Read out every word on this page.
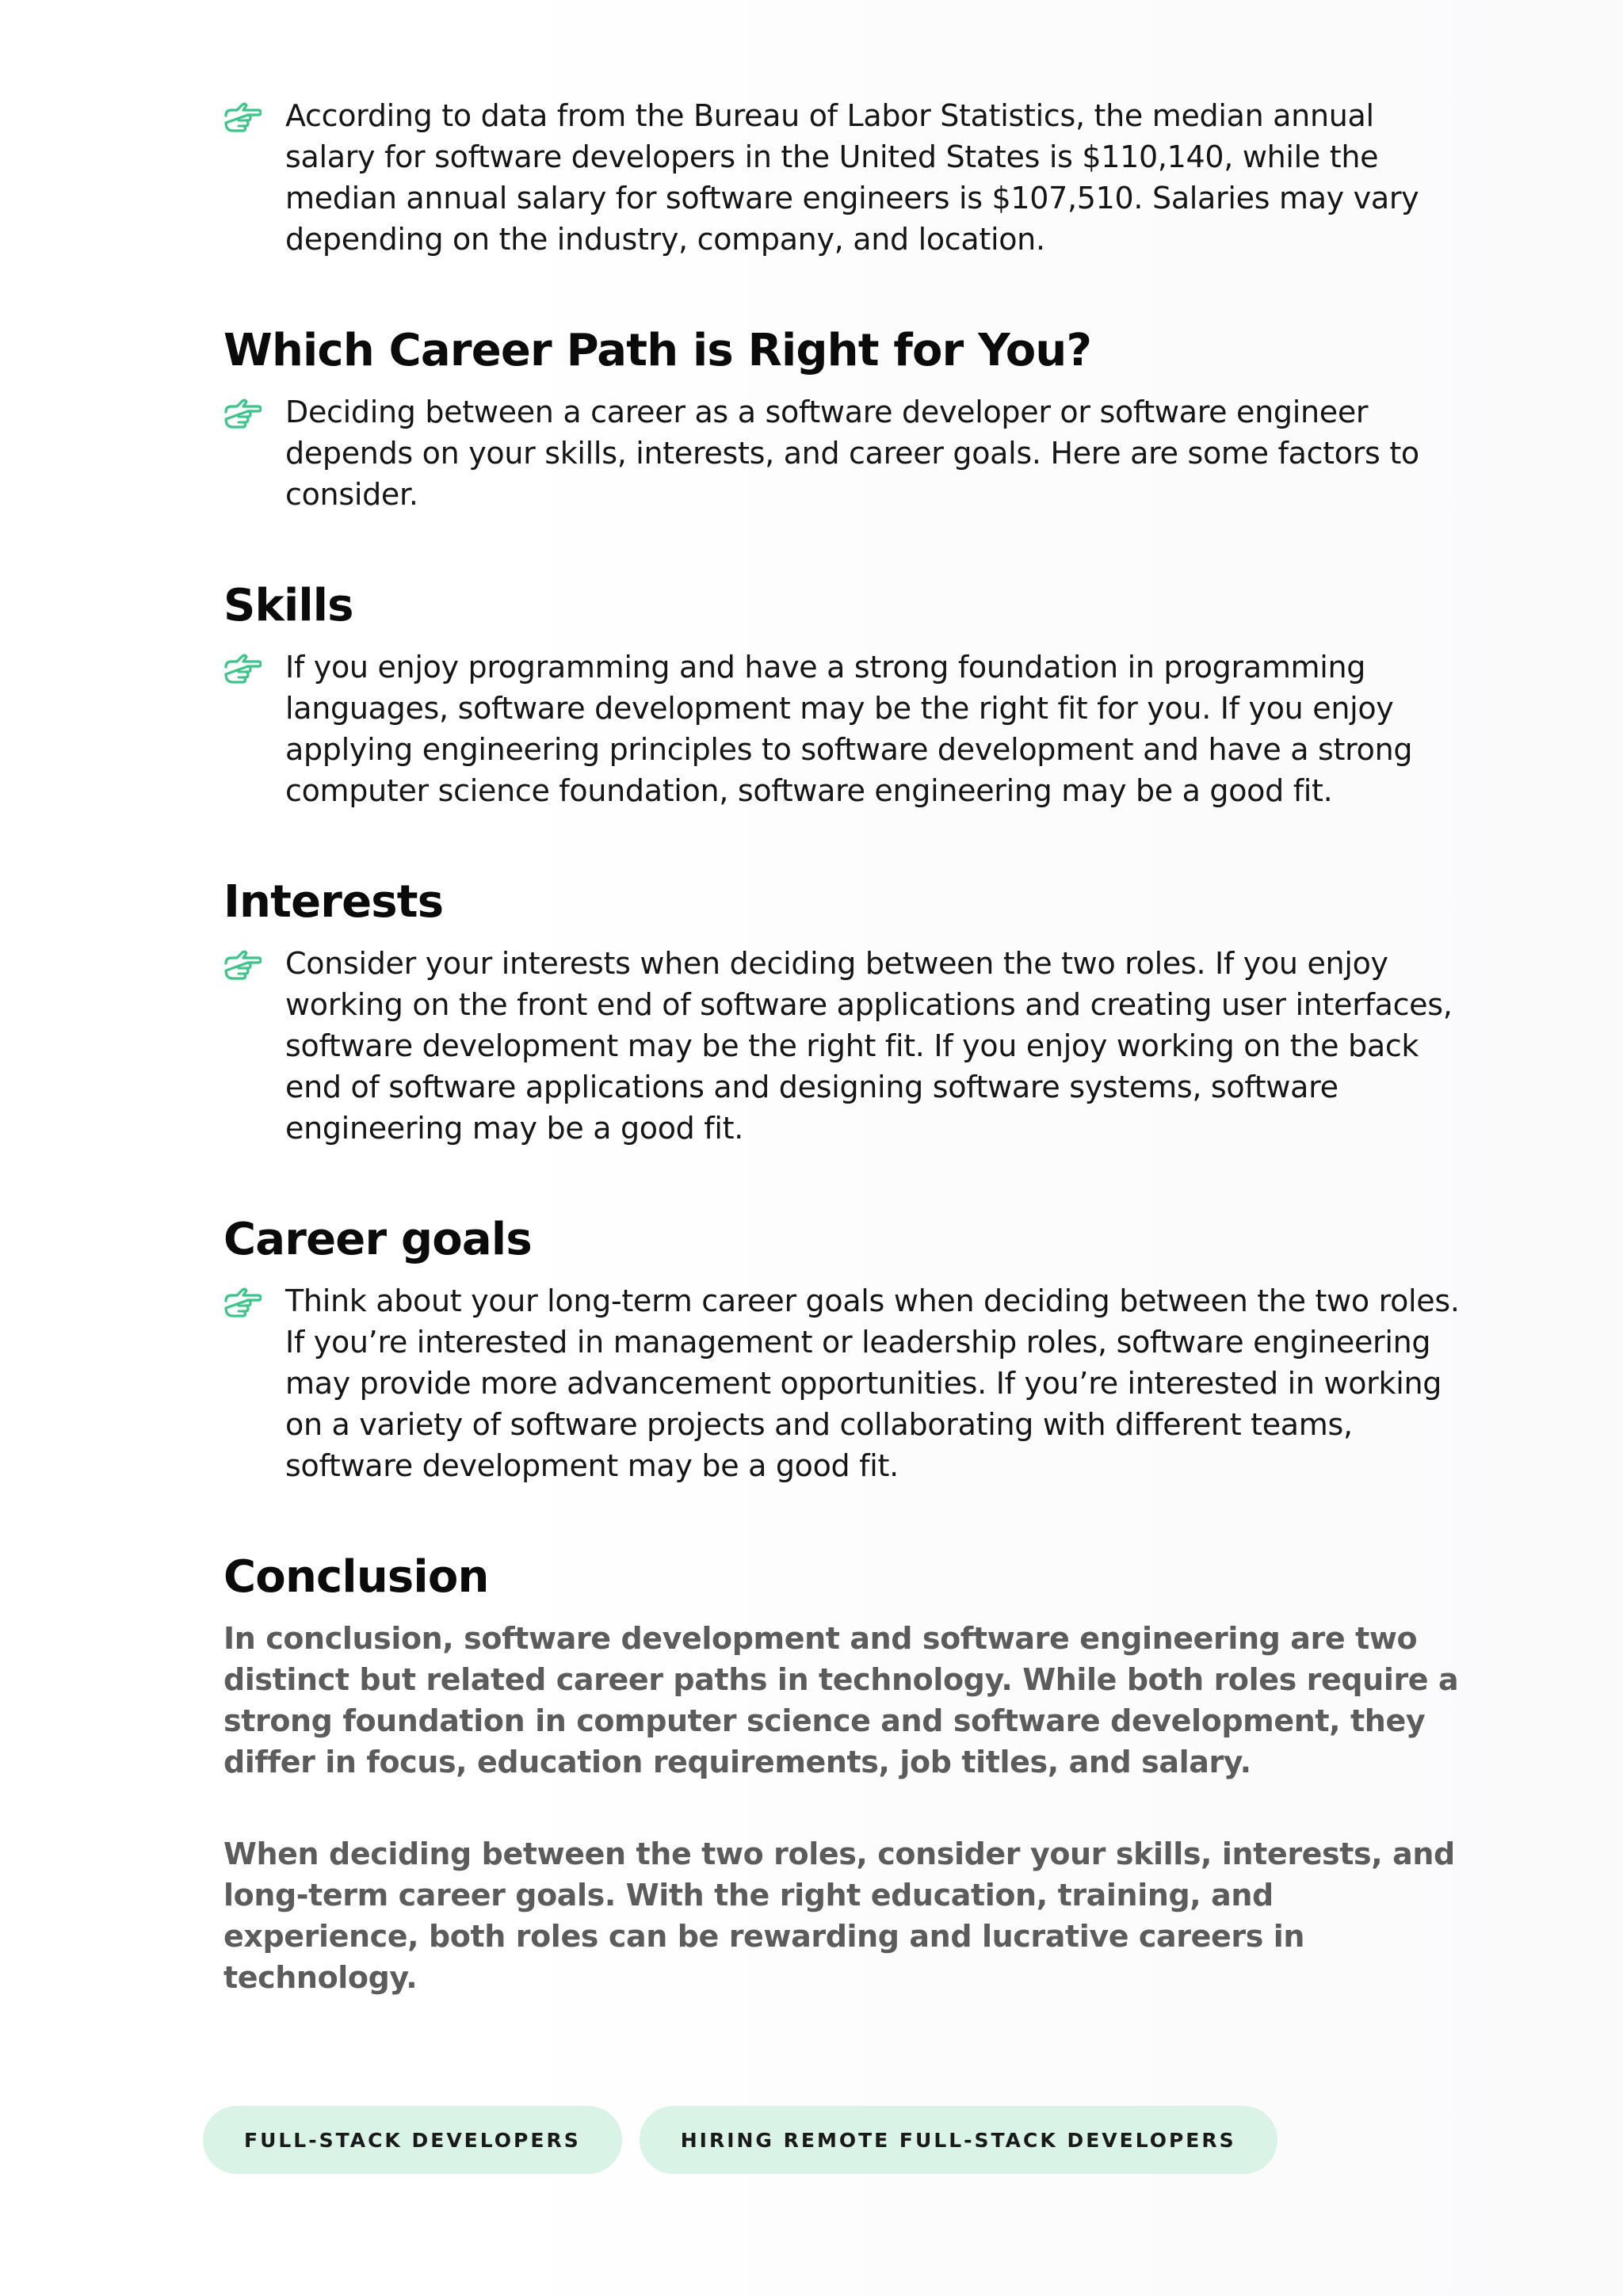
According to data from the Bureau of Labor Statistics, the median annual salary for software developers in the United States is $110,140, while the median annual salary for software engineers is $107,510. Salaries may vary depending on the industry, company, and location.
Which Career Path is Right for You?
Deciding between a career as a software developer or software engineer depends on your skills, interests, and career goals. Here are some factors to consider.
Skills
If you enjoy programming and have a strong foundation in programming languages, software development may be the right fit for you. If you enjoy applying engineering principles to software development and have a strong computer science foundation, software engineering may be a good fit.
Interests
Consider your interests when deciding between the two roles. If you enjoy working on the front end of software applications and creating user interfaces, software development may be the right fit. If you enjoy working on the back end of software applications and designing software systems, software engineering may be a good fit.
Career goals
Think about your long-term career goals when deciding between the two roles. If you’re interested in management or leadership roles, software engineering may provide more advancement opportunities. If you’re interested in working on a variety of software projects and collaborating with different teams, software development may be a good fit.
Conclusion
In conclusion, software development and software engineering are two distinct but related career paths in technology. While both roles require a strong foundation in computer science and software development, they differ in focus, education requirements, job titles, and salary.
When deciding between the two roles, consider your skills, interests, and long-term career goals. With the right education, training, and experience, both roles can be rewarding and lucrative careers in technology.
FULL-STACK DEVELOPERS	HIRING REMOTE FULL-STACK DEVELOPERS
